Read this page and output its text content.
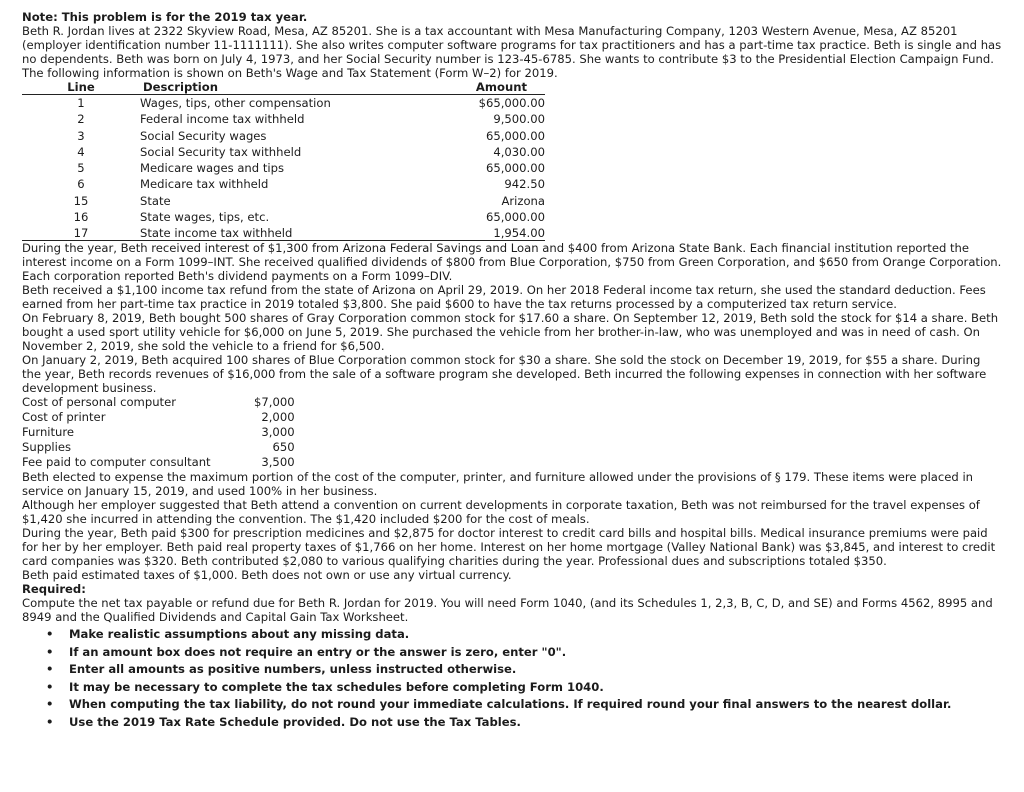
Note: This problem is for the 2019 tax year.

Beth R. Jordan lives at 2322 Skyview Road, Mesa, AZ 85201. She is a tax accountant with Mesa Manufacturing Company, 1203 Western Avenue, Mesa, AZ 85201 (employer identification number 11-1111111). She also writes computer software programs for tax practitioners and has a part-time tax practice. Beth is single and has no dependents. Beth was born on July 4, 1973, and her Social Security number is 123-45-6785. She wants to contribute $3 to the Presidential Election Campaign Fund.

The following information is shown on Beth's Wage and Tax Statement (Form W–2) for 2019.

Line	Description	Amount
1	Wages, tips, other compensation	$65,000.00
2	Federal income tax withheld	9,500.00
3	Social Security wages	65,000.00
4	Social Security tax withheld	4,030.00
5	Medicare wages and tips	65,000.00
6	Medicare tax withheld	942.50
15	State	Arizona
16	State wages, tips, etc.	65,000.00
17	State income tax withheld	1,954.00

During the year, Beth received interest of $1,300 from Arizona Federal Savings and Loan and $400 from Arizona State Bank. Each financial institution reported the interest income on a Form 1099–INT. She received qualified dividends of $800 from Blue Corporation, $750 from Green Corporation, and $650 from Orange Corporation. Each corporation reported Beth's dividend payments on a Form 1099–DIV.

Beth received a $1,100 income tax refund from the state of Arizona on April 29, 2019. On her 2018 Federal income tax return, she used the standard deduction. Fees earned from her part-time tax practice in 2019 totaled $3,800. She paid $600 to have the tax returns processed by a computerized tax return service.

On February 8, 2019, Beth bought 500 shares of Gray Corporation common stock for $17.60 a share. On September 12, 2019, Beth sold the stock for $14 a share. Beth bought a used sport utility vehicle for $6,000 on June 5, 2019. She purchased the vehicle from her brother-in-law, who was unemployed and was in need of cash. On November 2, 2019, she sold the vehicle to a friend for $6,500.

On January 2, 2019, Beth acquired 100 shares of Blue Corporation common stock for $30 a share. She sold the stock on December 19, 2019, for $55 a share. During the year, Beth records revenues of $16,000 from the sale of a software program she developed. Beth incurred the following expenses in connection with her software development business.

Cost of personal computer	$7,000
Cost of printer	2,000
Furniture	3,000
Supplies	650
Fee paid to computer consultant	3,500

Beth elected to expense the maximum portion of the cost of the computer, printer, and furniture allowed under the provisions of § 179. These items were placed in service on January 15, 2019, and used 100% in her business.

Although her employer suggested that Beth attend a convention on current developments in corporate taxation, Beth was not reimbursed for the travel expenses of $1,420 she incurred in attending the convention. The $1,420 included $200 for the cost of meals.

During the year, Beth paid $300 for prescription medicines and $2,875 for doctor interest to credit card bills and hospital bills. Medical insurance premiums were paid for her by her employer. Beth paid real property taxes of $1,766 on her home. Interest on her home mortgage (Valley National Bank) was $3,845, and interest to credit card companies was $320. Beth contributed $2,080 to various qualifying charities during the year. Professional dues and subscriptions totaled $350.

Beth paid estimated taxes of $1,000. Beth does not own or use any virtual currency.

Required:

Compute the net tax payable or refund due for Beth R. Jordan for 2019. You will need Form 1040, (and its Schedules 1, 2,3, B, C, D, and SE) and Forms 4562, 8995 and 8949 and the Qualified Dividends and Capital Gain Tax Worksheet.

• Make realistic assumptions about any missing data.
• If an amount box does not require an entry or the answer is zero, enter "0".
• Enter all amounts as positive numbers, unless instructed otherwise.
• It may be necessary to complete the tax schedules before completing Form 1040.
• When computing the tax liability, do not round your immediate calculations. If required round your final answers to the nearest dollar.
• Use the 2019 Tax Rate Schedule provided. Do not use the Tax Tables.
